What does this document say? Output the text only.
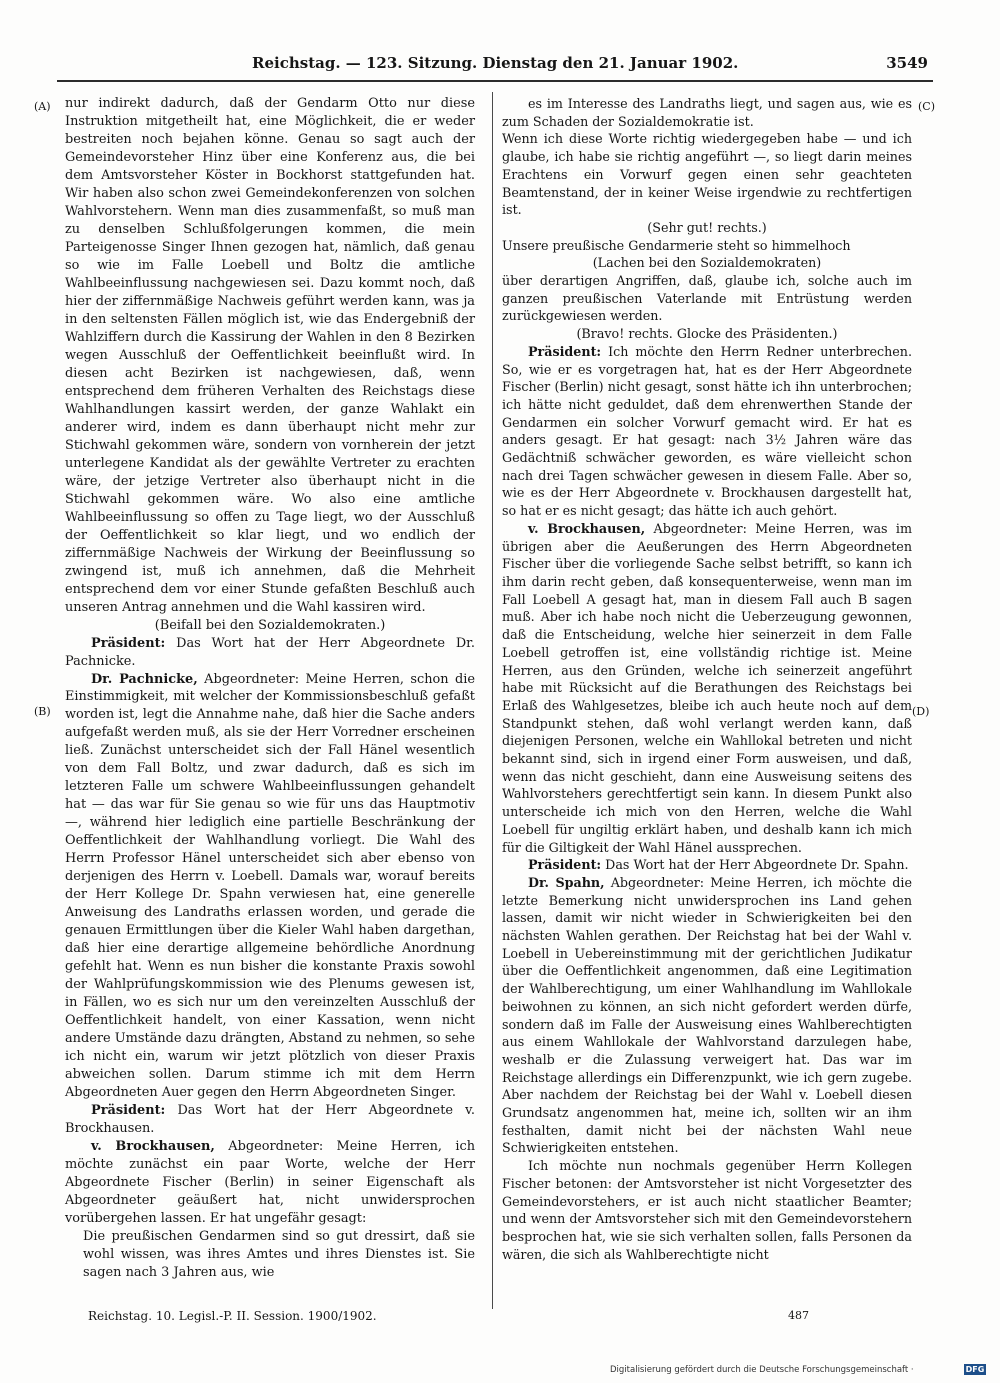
Reichstag. — 123. Sitzung. Dienstag den 21. Januar 1902.	3549
(A)
(B)
(C)
(D)

nur indirekt dadurch, daß der Gendarm Otto nur diese Instruktion mitgetheilt hat, eine Möglichkeit, die er weder bestreiten noch bejahen könne. Genau so sagt auch der Gemeindevorsteher Hinz über eine Konferenz aus, die bei dem Amtsvorsteher Köster in Bockhorst stattgefunden hat. Wir haben also schon zwei Gemeindekonferenzen von solchen Wahlvorstehern. Wenn man dies zusammenfaßt, so muß man zu denselben Schlußfolgerungen kommen, die mein Parteigenosse Singer Ihnen gezogen hat, nämlich, daß genau so wie im Falle Loebell und Boltz die amtliche Wahlbeeinflussung nachgewiesen sei. Dazu kommt noch, daß hier der ziffernmäßige Nachweis geführt werden kann, was ja in den seltensten Fällen möglich ist, wie das Endergebniß der Wahlziffern durch die Kassirung der Wahlen in den 8 Bezirken wegen Ausschluß der Oeffentlichkeit beeinflußt wird. In diesen acht Bezirken ist nachgewiesen, daß, wenn entsprechend dem früheren Verhalten des Reichstags diese Wahlhandlungen kassirt werden, der ganze Wahlakt ein anderer wird, indem es dann überhaupt nicht mehr zur Stichwahl gekommen wäre, sondern von vornherein der jetzt unterlegene Kandidat als der gewählte Vertreter zu erachten wäre, der jetzige Vertreter also überhaupt nicht in die Stichwahl gekommen wäre. Wo also eine amtliche Wahlbeeinflussung so offen zu Tage liegt, wo der Ausschluß der Oeffentlichkeit so klar liegt, und wo endlich der ziffernmäßige Nachweis der Wirkung der Beeinflussung so zwingend ist, muß ich annehmen, daß die Mehrheit entsprechend dem vor einer Stunde gefaßten Beschluß auch unseren Antrag annehmen und die Wahl kassiren wird.

(Beifall bei den Sozialdemokraten.)

Präsident: Das Wort hat der Herr Abgeordnete Dr. Pachnicke.

Dr. Pachnicke, Abgeordneter: Meine Herren, schon die Einstimmigkeit, mit welcher der Kommissionsbeschluß gefaßt worden ist, legt die Annahme nahe, daß hier die Sache anders aufgefaßt werden muß, als sie der Herr Vorredner erscheinen ließ. Zunächst unterscheidet sich der Fall Hänel wesentlich von dem Fall Boltz, und zwar dadurch, daß es sich im letzteren Falle um schwere Wahlbeeinflussungen gehandelt hat — das war für Sie genau so wie für uns das Hauptmotiv —, während hier lediglich eine partielle Beschränkung der Oeffentlichkeit der Wahlhandlung vorliegt. Die Wahl des Herrn Professor Hänel unterscheidet sich aber ebenso von derjenigen des Herrn v. Loebell. Damals war, worauf bereits der Herr Kollege Dr. Spahn verwiesen hat, eine generelle Anweisung des Landraths erlassen worden, und gerade die genauen Ermittlungen über die Kieler Wahl haben dargethan, daß hier eine derartige allgemeine behördliche Anordnung gefehlt hat. Wenn es nun bisher die konstante Praxis sowohl der Wahlprüfungskommission wie des Plenums gewesen ist, in Fällen, wo es sich nur um den vereinzelten Ausschluß der Oeffentlichkeit handelt, von einer Kassation, wenn nicht andere Umstände dazu drängten, Abstand zu nehmen, so sehe ich nicht ein, warum wir jetzt plötzlich von dieser Praxis abweichen sollen. Darum stimme ich mit dem Herrn Abgeordneten Auer gegen den Herrn Abgeordneten Singer.

Präsident: Das Wort hat der Herr Abgeordnete v. Brockhausen.

v. Brockhausen, Abgeordneter: Meine Herren, ich möchte zunächst ein paar Worte, welche der Herr Abgeordnete Fischer (Berlin) in seiner Eigenschaft als Abgeordneter geäußert hat, nicht unwidersprochen vorübergehen lassen. Er hat ungefähr gesagt:

Die preußischen Gendarmen sind so gut dressirt, daß sie wohl wissen, was ihres Amtes und ihres Dienstes ist. Sie sagen nach 3 Jahren aus, wie

es im Interesse des Landraths liegt, und sagen aus, wie es zum Schaden der Sozialdemokratie ist.

Wenn ich diese Worte richtig wiedergegeben habe — und ich glaube, ich habe sie richtig angeführt —, so liegt darin meines Erachtens ein Vorwurf gegen einen sehr geachteten Beamtenstand, der in keiner Weise irgendwie zu rechtfertigen ist.

(Sehr gut! rechts.)

Unsere preußische Gendarmerie steht so himmelhoch

(Lachen bei den Sozialdemokraten)

über derartigen Angriffen, daß, glaube ich, solche auch im ganzen preußischen Vaterlande mit Entrüstung werden zurückgewiesen werden.

(Bravo! rechts. Glocke des Präsidenten.)

Präsident: Ich möchte den Herrn Redner unterbrechen. So, wie er es vorgetragen hat, hat es der Herr Abgeordnete Fischer (Berlin) nicht gesagt, sonst hätte ich ihn unterbrochen; ich hätte nicht geduldet, daß dem ehrenwerthen Stande der Gendarmen ein solcher Vorwurf gemacht wird. Er hat es anders gesagt. Er hat gesagt: nach 3½ Jahren wäre das Gedächtniß schwächer geworden, es wäre vielleicht schon nach drei Tagen schwächer gewesen in diesem Falle. Aber so, wie es der Herr Abgeordnete v. Brockhausen dargestellt hat, so hat er es nicht gesagt; das hätte ich auch gehört.

v. Brockhausen, Abgeordneter: Meine Herren, was im übrigen aber die Aeußerungen des Herrn Abgeordneten Fischer über die vorliegende Sache selbst betrifft, so kann ich ihm darin recht geben, daß konsequenterweise, wenn man im Fall Loebell A gesagt hat, man in diesem Fall auch B sagen muß. Aber ich habe noch nicht die Ueberzeugung gewonnen, daß die Entscheidung, welche hier seinerzeit in dem Falle Loebell getroffen ist, eine vollständig richtige ist. Meine Herren, aus den Gründen, welche ich seinerzeit angeführt habe mit Rücksicht auf die Berathungen des Reichstags bei Erlaß des Wahlgesetzes, bleibe ich auch heute noch auf dem Standpunkt stehen, daß wohl verlangt werden kann, daß diejenigen Personen, welche ein Wahllokal betreten und nicht bekannt sind, sich in irgend einer Form ausweisen, und daß, wenn das nicht geschieht, dann eine Ausweisung seitens des Wahlvorstehers gerechtfertigt sein kann. In diesem Punkt also unterscheide ich mich von den Herren, welche die Wahl Loebell für ungiltig erklärt haben, und deshalb kann ich mich für die Giltigkeit der Wahl Hänel aussprechen.

Präsident: Das Wort hat der Herr Abgeordnete Dr. Spahn.

Dr. Spahn, Abgeordneter: Meine Herren, ich möchte die letzte Bemerkung nicht unwidersprochen ins Land gehen lassen, damit wir nicht wieder in Schwierigkeiten bei den nächsten Wahlen gerathen. Der Reichstag hat bei der Wahl v. Loebell in Uebereinstimmung mit der gerichtlichen Judikatur über die Oeffentlichkeit angenommen, daß eine Legitimation der Wahlberechtigung, um einer Wahlhandlung im Wahllokale beiwohnen zu können, an sich nicht gefordert werden dürfe, sondern daß im Falle der Ausweisung eines Wahlberechtigten aus einem Wahllokale der Wahlvorstand darzulegen habe, weshalb er die Zulassung verweigert hat. Das war im Reichstage allerdings ein Differenzpunkt, wie ich gern zugebe. Aber nachdem der Reichstag bei der Wahl v. Loebell diesen Grundsatz angenommen hat, meine ich, sollten wir an ihm festhalten, damit nicht bei der nächsten Wahl neue Schwierigkeiten entstehen.

Ich möchte nun nochmals gegenüber Herrn Kollegen Fischer betonen: der Amtsvorsteher ist nicht Vorgesetzter des Gemeindevorstehers, er ist auch nicht staatlicher Beamter; und wenn der Amtsvorsteher sich mit den Gemeindevorstehern besprochen hat, wie sie sich verhalten sollen, falls Personen da wären, die sich als Wahlberechtigte nicht

Reichstag. 10. Legisl.-P. II. Session. 1900/1902.	487
Digitalisierung gefördert durch die Deutsche Forschungsgemeinschaft ·	DFG
